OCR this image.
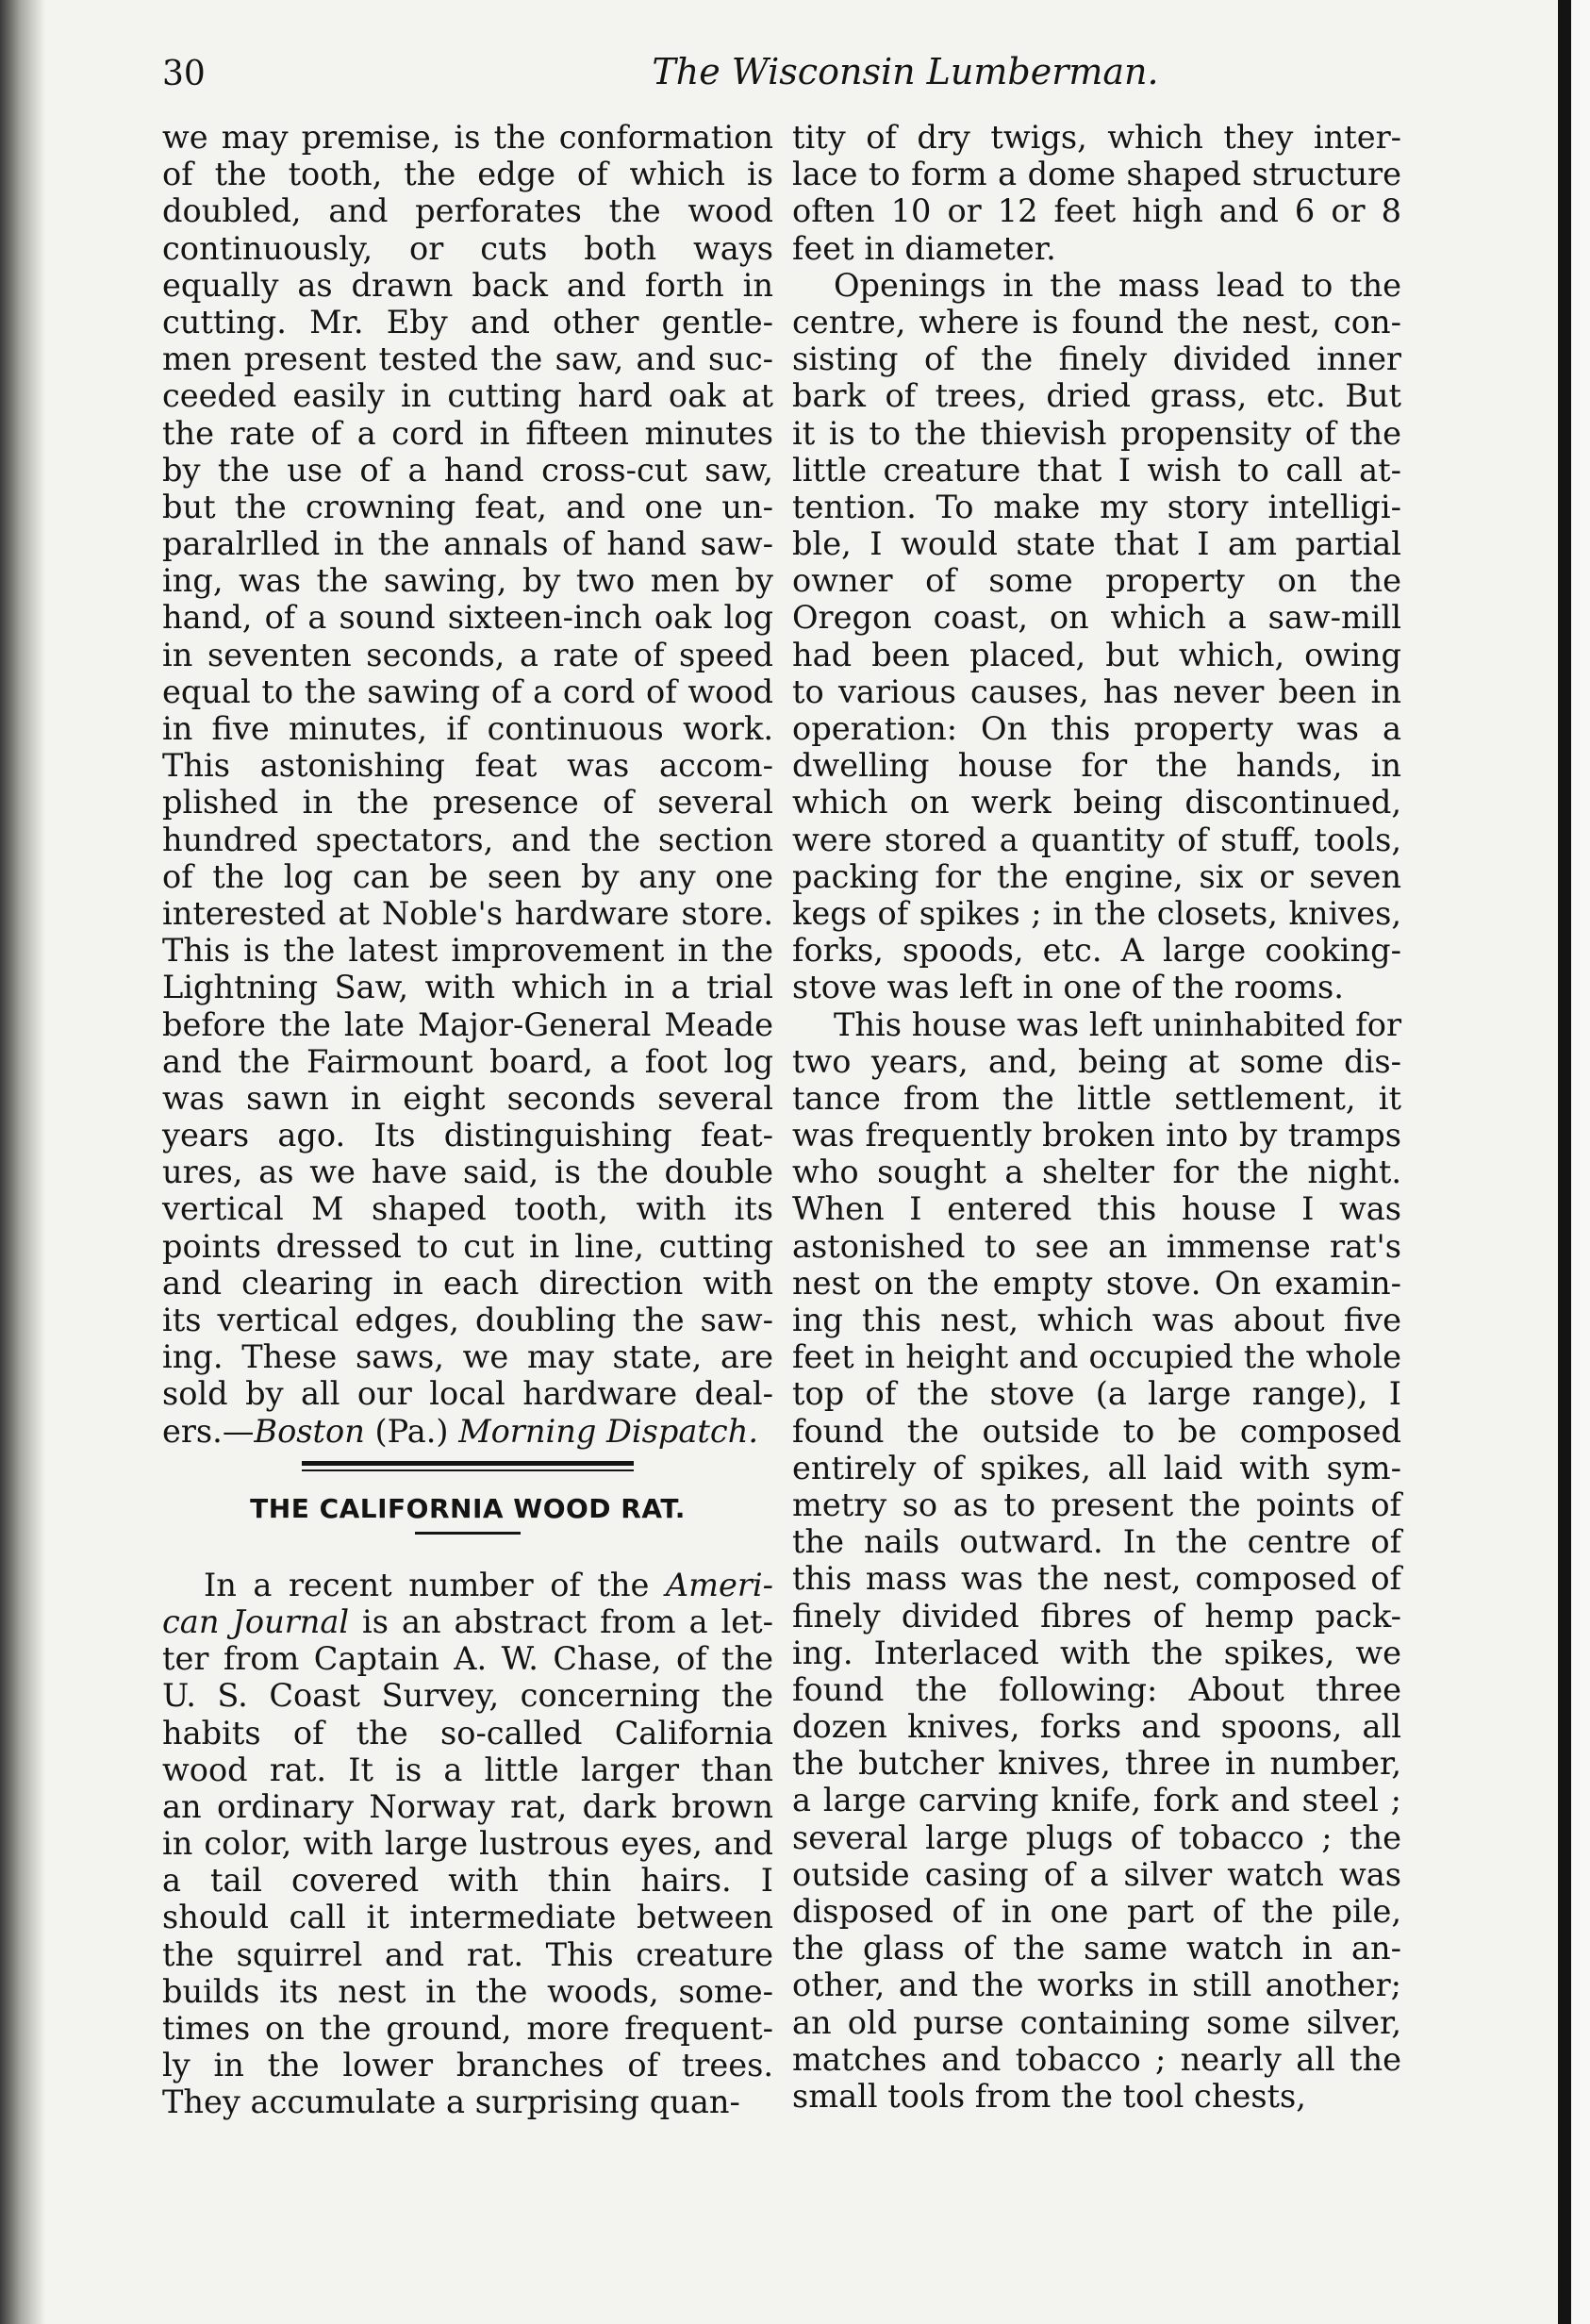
30	The Wisconsin Lumberman.
we may premise, is the conformation
of the tooth, the edge of which is
doubled, and perforates the wood
continuously, or cuts both ways
equally as drawn back and forth in
cutting. Mr. Eby and other gentle-
men present tested the saw, and suc-
ceeded easily in cutting hard oak at
the rate of a cord in fifteen minutes
by the use of a hand cross-cut saw,
but the crowning feat, and one un-
paralrlled in the annals of hand saw-
ing, was the sawing, by two men by
hand, of a sound sixteen-inch oak log
in seventen seconds, a rate of speed
equal to the sawing of a cord of wood
in five minutes, if continuous work.
This astonishing feat was accom-
plished in the presence of several
hundred spectators, and the section
of the log can be seen by any one
interested at Noble's hardware store.
This is the latest improvement in the
Lightning Saw, with which in a trial
before the late Major-General Meade
and the Fairmount board, a foot log
was sawn in eight seconds several
years ago. Its distinguishing feat-
ures, as we have said, is the double
vertical M shaped tooth, with its
points dressed to cut in line, cutting
and clearing in each direction with
its vertical edges, doubling the saw-
ing. These saws, we may state, are
sold by all our local hardware deal-
ers.—Boston (Pa.) Morning Dispatch.
THE CALIFORNIA WOOD RAT.
In a recent number of the Ameri-
can Journal is an abstract from a let-
ter from Captain A. W. Chase, of the
U. S. Coast Survey, concerning the
habits of the so-called California
wood rat. It is a little larger than
an ordinary Norway rat, dark brown
in color, with large lustrous eyes, and
a tail covered with thin hairs. I
should call it intermediate between
the squirrel and rat. This creature
builds its nest in the woods, some-
times on the ground, more frequent-
ly in the lower branches of trees.
They accumulate a surprising quan-
tity of dry twigs, which they inter-
lace to form a dome shaped structure
often 10 or 12 feet high and 6 or 8
feet in diameter.
Openings in the mass lead to the
centre, where is found the nest, con-
sisting of the finely divided inner
bark of trees, dried grass, etc. But
it is to the thievish propensity of the
little creature that I wish to call at-
tention. To make my story intelligi-
ble, I would state that I am partial
owner of some property on the
Oregon coast, on which a saw-mill
had been placed, but which, owing
to various causes, has never been in
operation: On this property was a
dwelling house for the hands, in
which on werk being discontinued,
were stored a quantity of stuff, tools,
packing for the engine, six or seven
kegs of spikes ; in the closets, knives,
forks, spoods, etc. A large cooking-
stove was left in one of the rooms.
This house was left uninhabited for
two years, and, being at some dis-
tance from the little settlement, it
was frequently broken into by tramps
who sought a shelter for the night.
When I entered this house I was
astonished to see an immense rat's
nest on the empty stove. On examin-
ing this nest, which was about five
feet in height and occupied the whole
top of the stove (a large range), I
found the outside to be composed
entirely of spikes, all laid with sym-
metry so as to present the points of
the nails outward. In the centre of
this mass was the nest, composed of
finely divided fibres of hemp pack-
ing. Interlaced with the spikes, we
found the following: About three
dozen knives, forks and spoons, all
the butcher knives, three in number,
a large carving knife, fork and steel ;
several large plugs of tobacco ; the
outside casing of a silver watch was
disposed of in one part of the pile,
the glass of the same watch in an-
other, and the works in still another;
an old purse containing some silver,
matches and tobacco ; nearly all the
small tools from the tool chests,
